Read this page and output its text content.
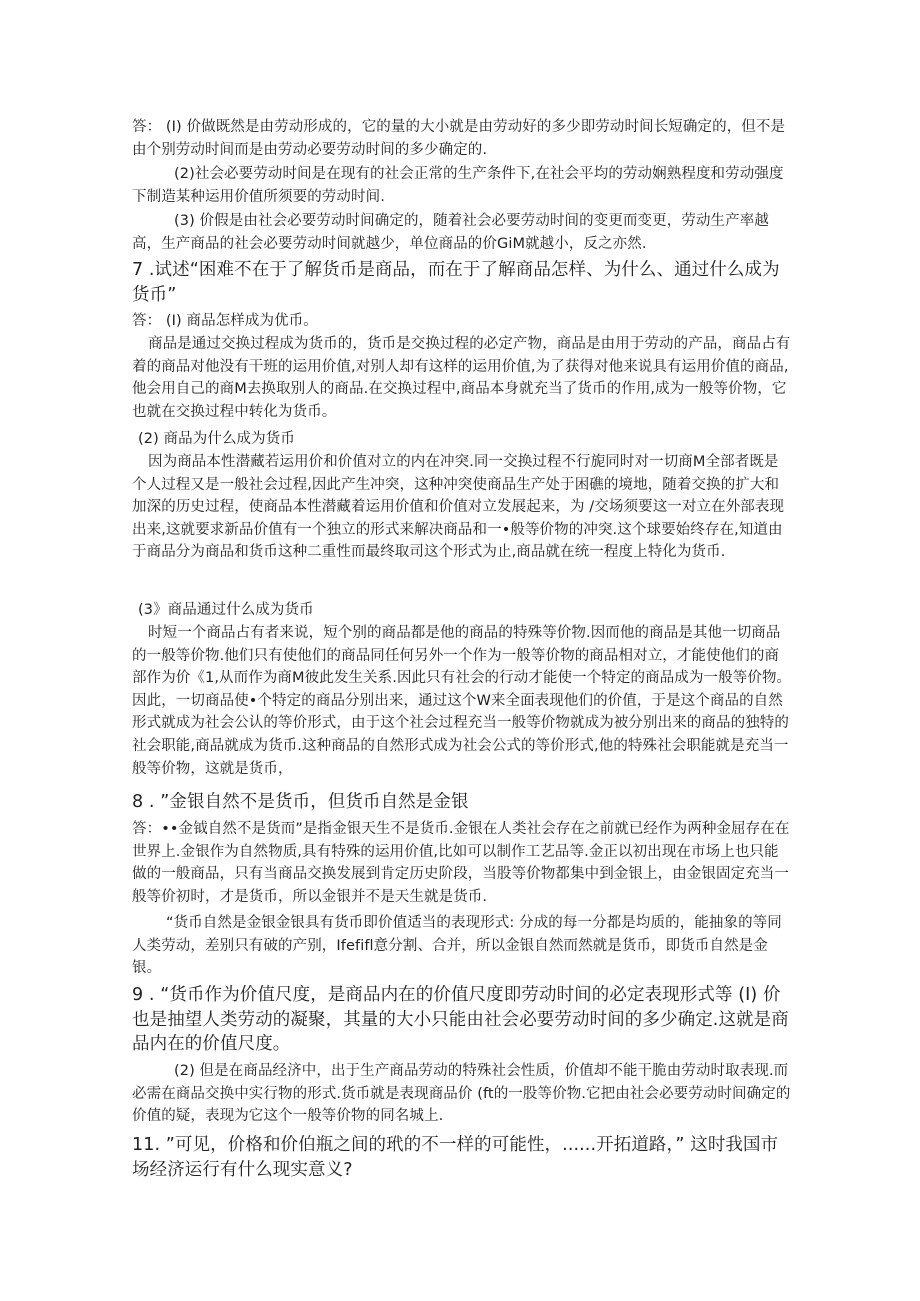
答： (I) 价做既然是由劳动形成的，它的量的大小就是由劳动好的多少即劳动时间长短确定的，但不是由个别劳动时间而是由劳动必要劳动时间的多少确定的.

(2)社会必要劳动时间是在现有的社会正常的生产条件下,在社会平均的劳动娴熟程度和劳动强度下制造某种运用价值所须要的劳动时间.

(3) 价假是由社会必要劳动时间确定的，随着社会必要劳动时间的变更而变更，劳动生产率越高，生产商品的社会必要劳动时间就越少，单位商品的价GiM就越小，反之亦然.

7 .试述“困难不在于了解货币是商品，而在于了解商品怎样、为什么、通过什么成为货币”

答： (I) 商品怎样成为优币。

商品是通过交换过程成为货币的，货币是交换过程的必定产物，商品是由用于劳动的产品，商品占有着的商品对他没有干班的运用价值,对别人却有这样的运用价值,为了获得对他来说具有运用价值的商品,他会用自己的商M去换取别人的商品.在交换过程中,商品本身就充当了货币的作用,成为一般等价物，它也就在交换过程中转化为货币。

(2) 商品为什么成为货币

因为商品本性潜藏若运用价和价值对立的内在冲突.同一交换过程不行旎同时对一切商M全部者既是个人过程又是一般社会过程,因此产生冲突，这种冲突使商品生产处于困礁的境地，随着交换的扩大和加深的历史过程，使商品本性潜藏着运用价值和价值对立发展起来，为 /交场须要这一对立在外部表现出来,这就要求新品价值有一个独立的形式来解决商品和一•般等价物的冲突.这个球要始终存在,知道由于商品分为商品和货币这种二重性而最终取司这个形式为止,商品就在统一程度上特化为货币.

(3》商品通过什么成为货币

时短一个商品占有者来说，短个别的商品都是他的商品的特殊等价物.因而他的商品是其他一切商品的一般等价物.他们只有使他们的商品同任何另外一个作为一般等价物的商品相对立，才能使他们的商部作为价《1,从而作为商M彼此发生关系.因此只有社会的行动才能使一个特定的商品成为一般等价物。因此，一切商品使•个特定的商品分别出来，通过这个W来全面表现他们的价值，于是这个商品的自然形式就成为社会公认的等价形式，由于这个社会过程充当一般等价物就成为被分别出来的商品的独特的社会职能,商品就成为货币.这种商品的自然形式成为社会公式的等价形式,他的特殊社会职能就是充当一般等价物，这就是货币，

8 . ”金银自然不是货币，但货币自然是金银

答：••金钺自然不是货而”是指金银天生不是货币.金银在人类社会存在之前就已经作为两种金屈存在在世界上.金银作为自然物质,具有特殊的运用价值,比如可以制作工艺品等.金正以初出现在市场上也只能做的一般商品，只有当商品交换发展到肯定历史阶段，当股等价物都集中到金银上，由金银固定充当一般等价初时，才是货币，所以金银并不是天生就是货币.

“货币自然是金银金银具有货币即价值适当的表现形式: 分成的每一分都是均质的，能抽象的等同人类劳动，差别只有破的产别，Ifefifl意分割、合并，所以金银自然而然就是货币，即货币自然是金银。

9 . “货币作为价值尺度，是商品内在的价值尺度即劳动时间的必定表现形式等 (I) 价也是抽望人类劳动的凝聚，其量的大小只能由社会必要劳动时间的多少确定.这就是商品内在的价值尺度。

(2) 但是在商品经济中，出于生产商品劳动的特殊社会性质，价值却不能干脆由劳动时取表现.而必需在商品交换中实行物的形式.货币就是表现商品价 (ft的一股等价物.它把由社会必要劳动时间确定的价值的疑，表现为它这个一般等价物的同名城上.

11. ”可见，价格和价伯瓶之间的玳的不一样的可能性，......开拓道路，” 这时我国市场经济运行有什么现实意义?
